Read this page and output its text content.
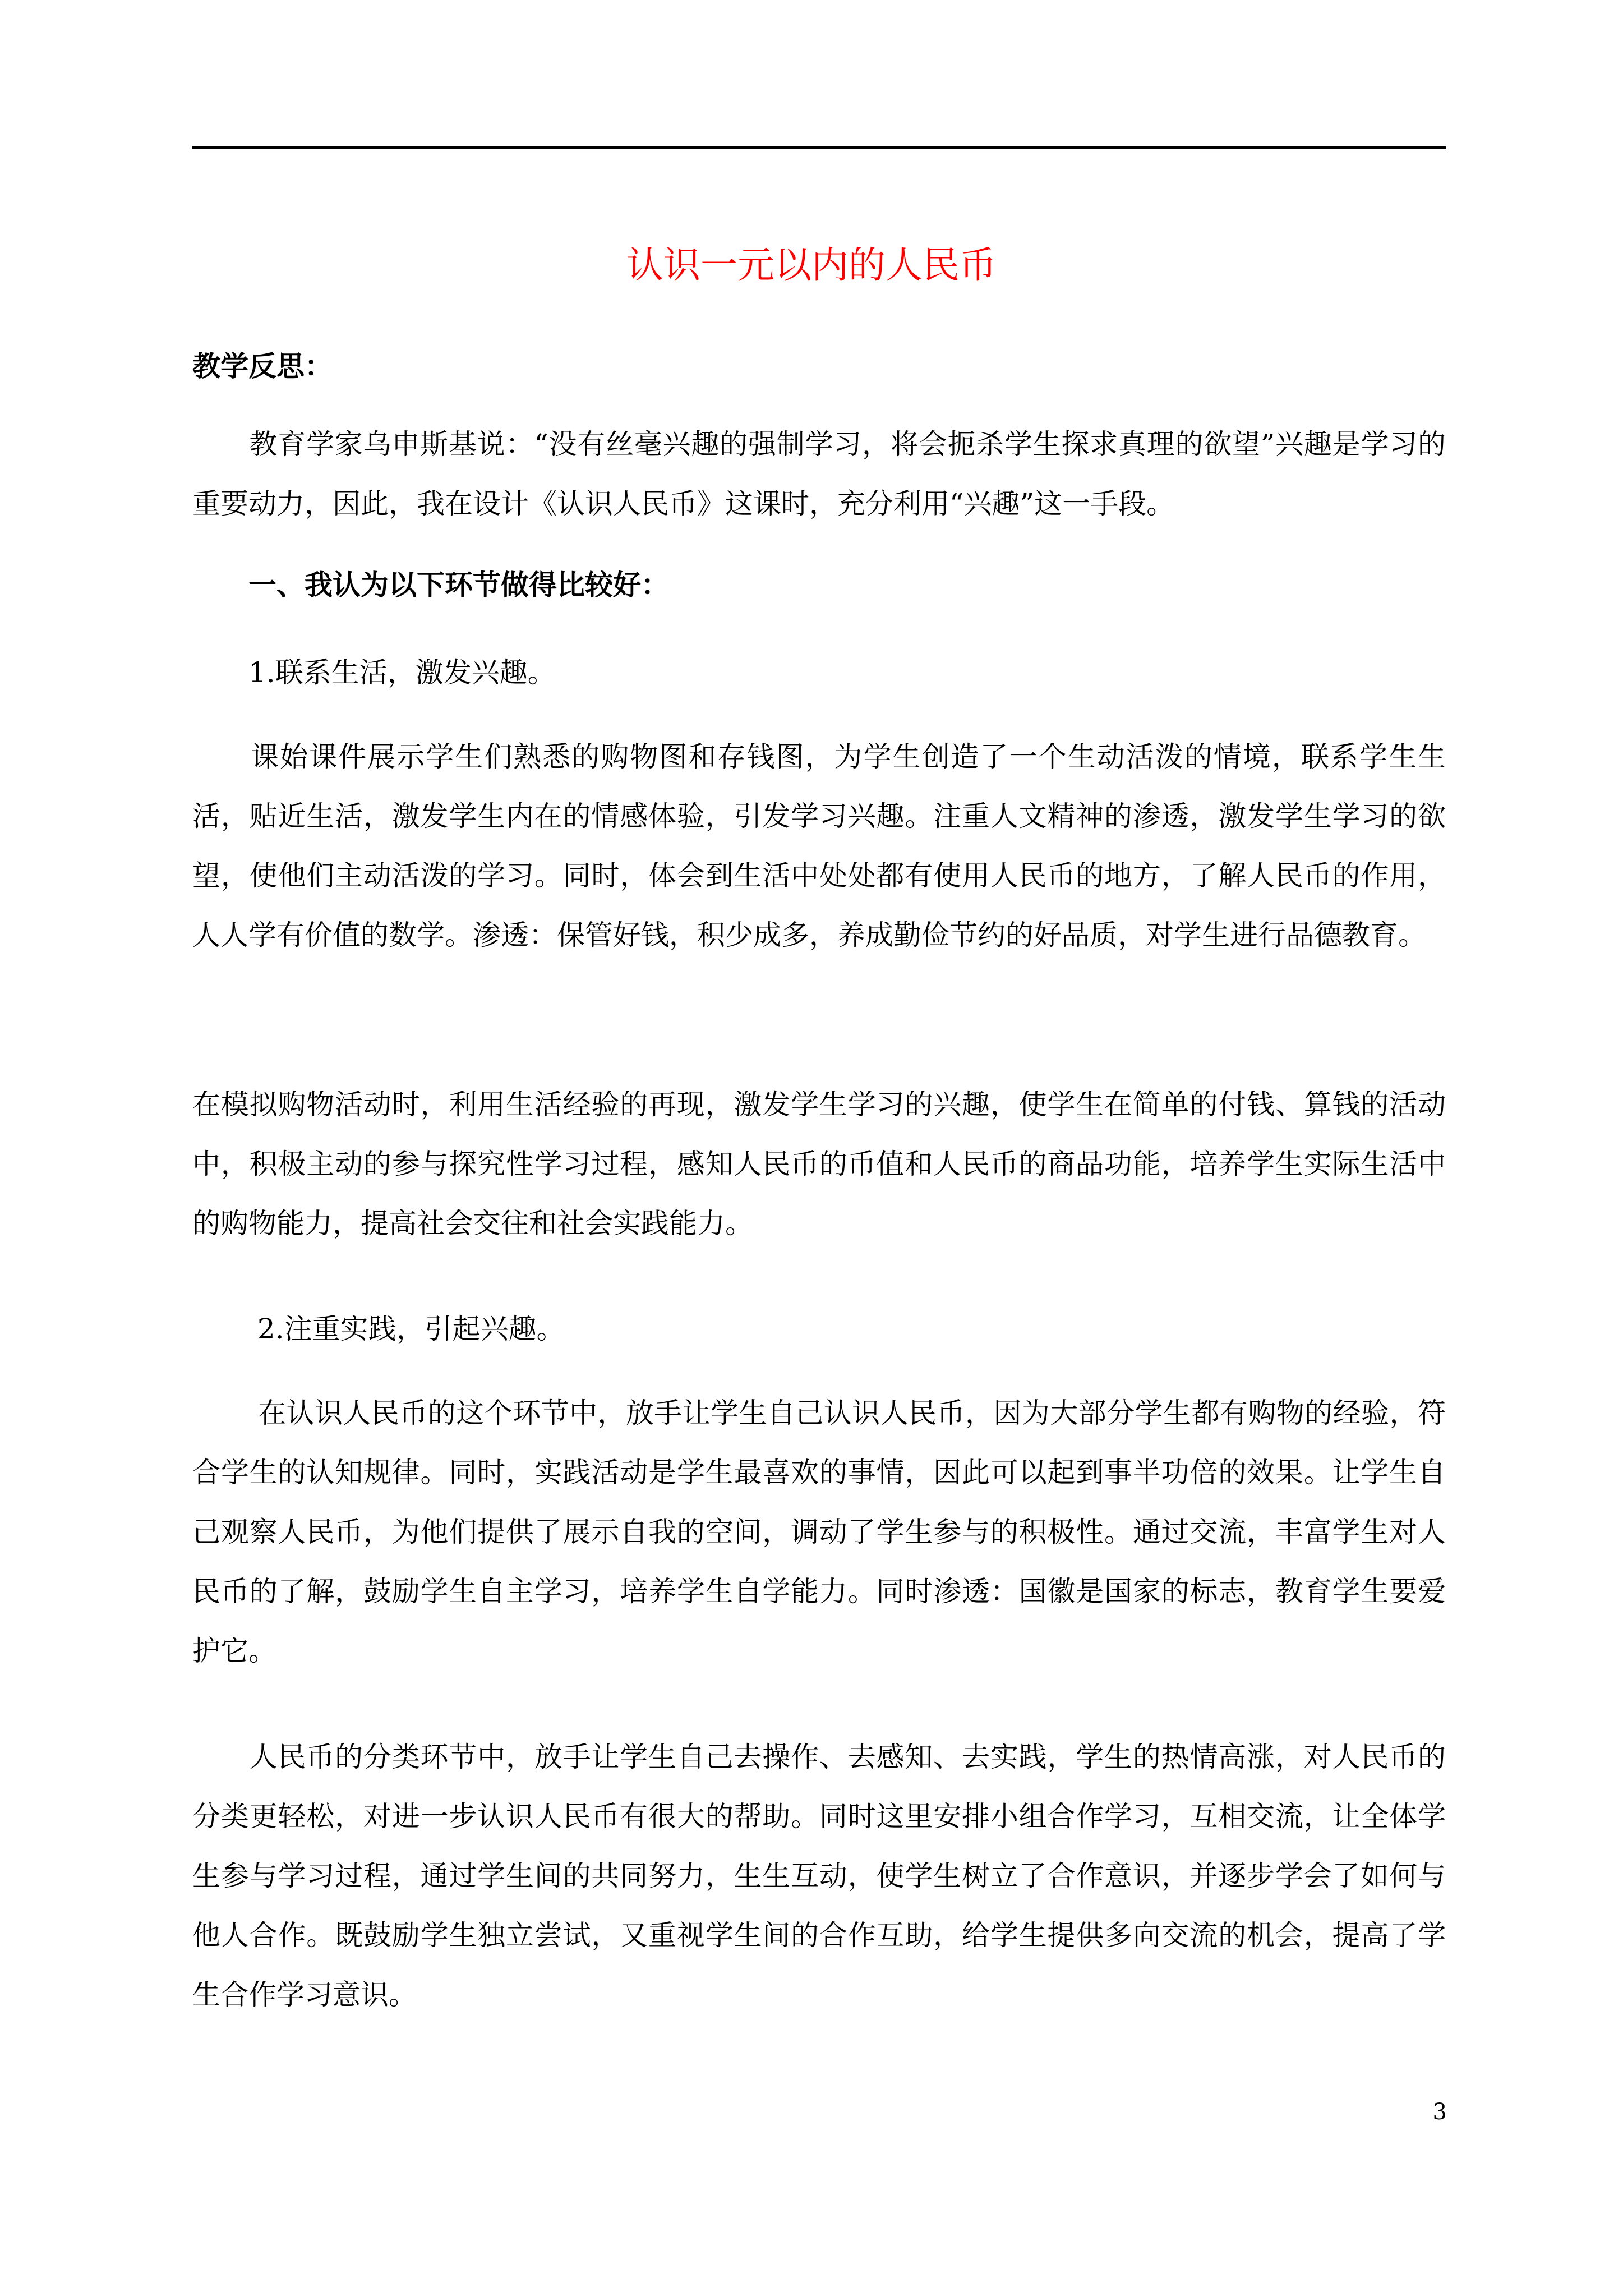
认识一元以内的人民币

教学反思：

　　教育学家乌申斯基说：“没有丝毫兴趣的强制学习，将会扼杀学生探求真理的欲望”兴趣是学习的重要动力，因此，我在设计《认识人民币》这课时，充分利用“兴趣”这一手段。

　　一、我认为以下环节做得比较好：

　　1.联系生活，激发兴趣。

　　课始课件展示学生们熟悉的购物图和存钱图，为学生创造了一个生动活泼的情境，联系学生生活，贴近生活，激发学生内在的情感体验，引发学习兴趣。注重人文精神的渗透，激发学生学习的欲望，使他们主动活泼的学习。同时，体会到生活中处处都有使用人民币的地方，了解人民币的作用，人人学有价值的数学。渗透：保管好钱，积少成多，养成勤俭节约的好品质，对学生进行品德教育。

在模拟购物活动时，利用生活经验的再现，激发学生学习的兴趣，使学生在简单的付钱、算钱的活动中，积极主动的参与探究性学习过程，感知人民币的币值和人民币的商品功能，培养学生实际生活中的购物能力，提高社会交往和社会实践能力。

　　 2.注重实践，引起兴趣。

　　 在认识人民币的这个环节中，放手让学生自己认识人民币，因为大部分学生都有购物的经验，符合学生的认知规律。同时，实践活动是学生最喜欢的事情，因此可以起到事半功倍的效果。让学生自己观察人民币，为他们提供了展示自我的空间，调动了学生参与的积极性。通过交流，丰富学生对人民币的了解，鼓励学生自主学习，培养学生自学能力。同时渗透：国徽是国家的标志，教育学生要爱护它。

　　人民币的分类环节中，放手让学生自己去操作、去感知、去实践，学生的热情高涨，对人民币的分类更轻松，对进一步认识人民币有很大的帮助。同时这里安排小组合作学习，互相交流，让全体学生参与学习过程，通过学生间的共同努力，生生互动，使学生树立了合作意识，并逐步学会了如何与他人合作。既鼓励学生独立尝试，又重视学生间的合作互助，给学生提供多向交流的机会，提高了学生合作学习意识。

3
